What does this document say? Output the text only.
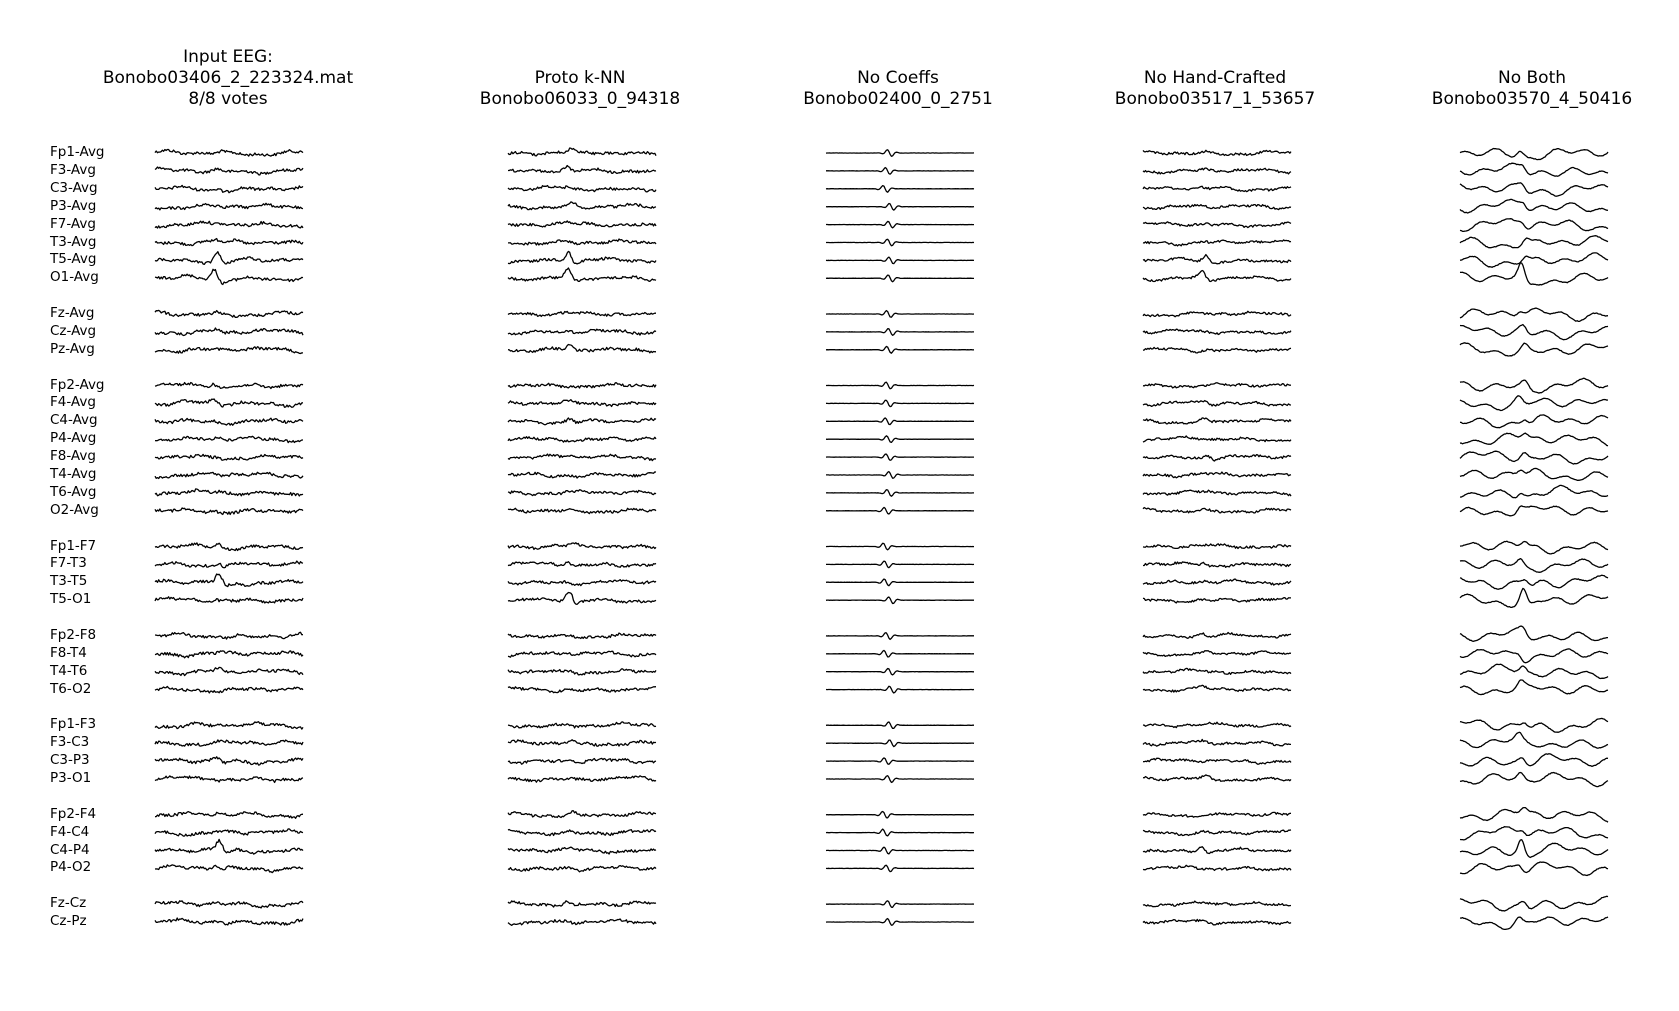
Input EEG:
Bonobo03406_2_223324.mat
8/8 votes
Proto k-NN
Bonobo06033_0_94318
No Coeffs
Bonobo02400_0_2751
No Hand-Crafted
Bonobo03517_1_53657
No Both
Bonobo03570_4_50416
Fp1-Avg
F3-Avg
C3-Avg
P3-Avg
F7-Avg
T3-Avg
T5-Avg
O1-Avg
Fz-Avg
Cz-Avg
Pz-Avg
Fp2-Avg
F4-Avg
C4-Avg
P4-Avg
F8-Avg
T4-Avg
T6-Avg
O2-Avg
Fp1-F7
F7-T3
T3-T5
T5-O1
Fp2-F8
F8-T4
T4-T6
T6-O2
Fp1-F3
F3-C3
C3-P3
P3-O1
Fp2-F4
F4-C4
C4-P4
P4-O2
Fz-Cz
Cz-Pz
